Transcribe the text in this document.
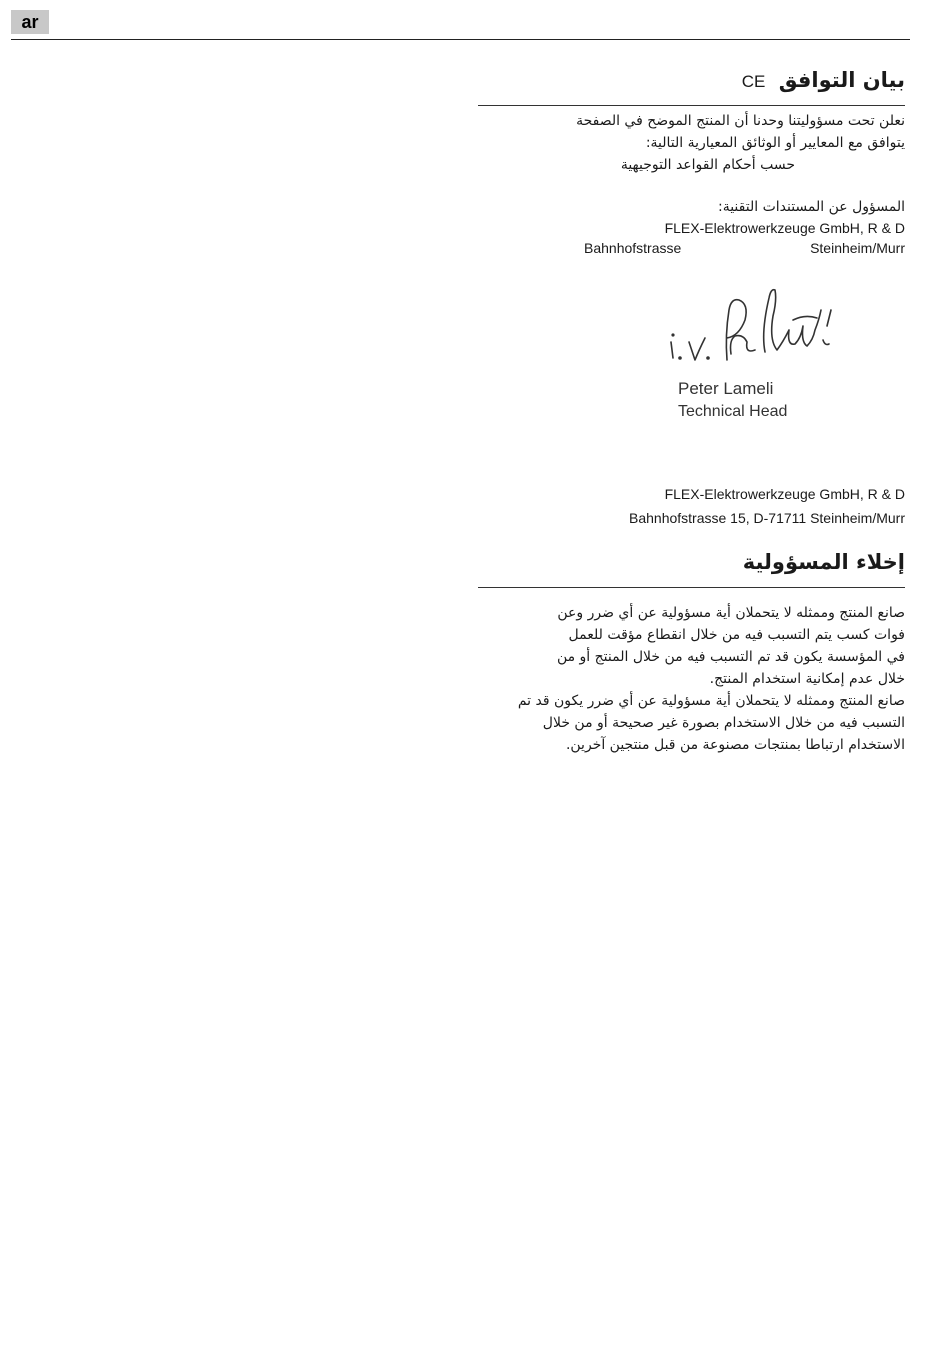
ar
بيان التوافق CE
نعلن تحت مسؤوليتنا وحدنا أن المنتج الموضح في الصفحة
يتوافق مع المعايير أو الوثائق المعيارية التالية:
حسب أحكام القواعد التوجيهية
المسؤول عن المستندات التقنية:
FLEX-Elektrowerkzeuge GmbH, R & D
Bahnhofstrasse	Steinheim/Murr
Peter Lameli
Technical Head
FLEX-Elektrowerkzeuge GmbH, R & D
Bahnhofstrasse 15, D-71711 Steinheim/Murr
إخلاء المسؤولية
صانع المنتج وممثله لا يتحملان أية مسؤولية عن أي ضرر وعن
فوات كسب يتم التسبب فيه من خلال انقطاع مؤقت للعمل
في المؤسسة يكون قد تم التسبب فيه من خلال المنتج أو من
خلال عدم إمكانية استخدام المنتج.
صانع المنتج وممثله لا يتحملان أية مسؤولية عن أي ضرر يكون قد تم
التسبب فيه من خلال الاستخدام بصورة غير صحيحة أو من خلال
الاستخدام ارتباطا بمنتجات مصنوعة من قبل منتجين آخرين.
